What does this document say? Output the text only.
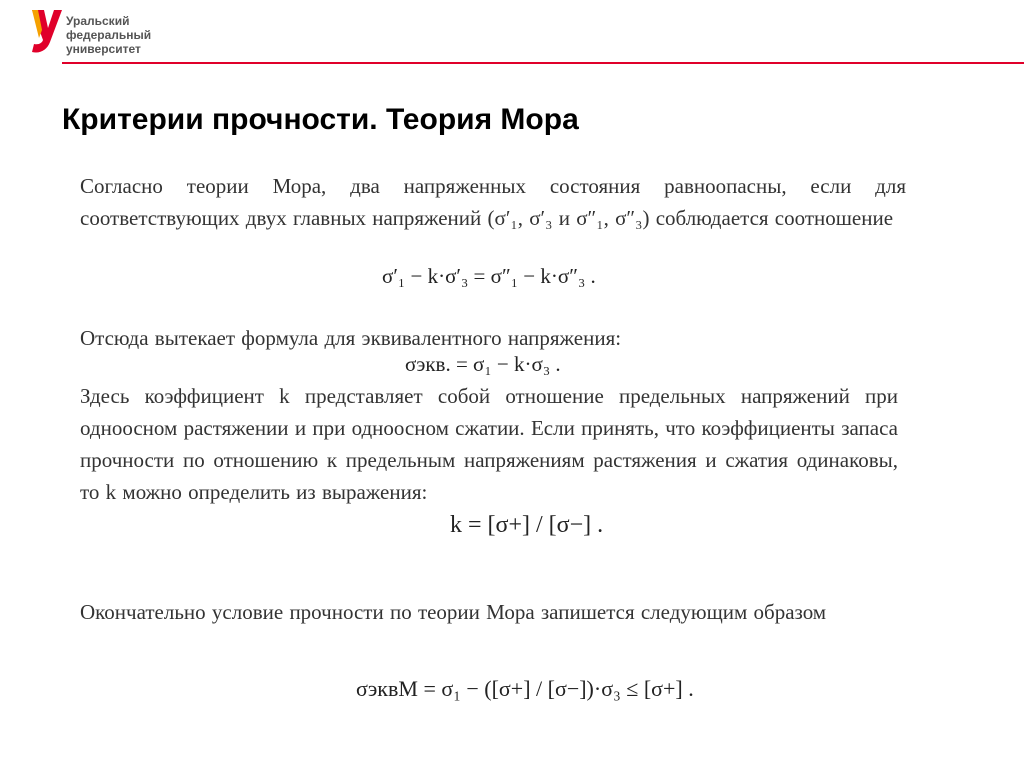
Уральский
федеральный
университет
Критерии прочности. Теория Мора
Согласно теории Мора, два напряженных состояния равноопасны, если для соответствующих двух главных напряжений (σ′₁, σ′₃ и σ″₁, σ″₃) соблюдается соотношение
σ′₁ − k·σ′₃ = σ″₁ − k·σ″₃ .
Отсюда вытекает формула для эквивалентного напряжения:
σэкв. = σ₁ − k·σ₃ .
Здесь коэффициент k представляет собой отношение предельных напряжений при одноосном растяжении и при одноосном сжатии. Если принять, что коэффициенты запаса прочности по отношению к предельным напряжениям растяжения и сжатия одинаковы, то k можно определить из выражения:
k = [σ+] / [σ−] .
Окончательно условие прочности по теории Мора запишется следующим образом
σэквМ = σ₁ − ([σ+] / [σ−])·σ₃ ≤ [σ+] .
